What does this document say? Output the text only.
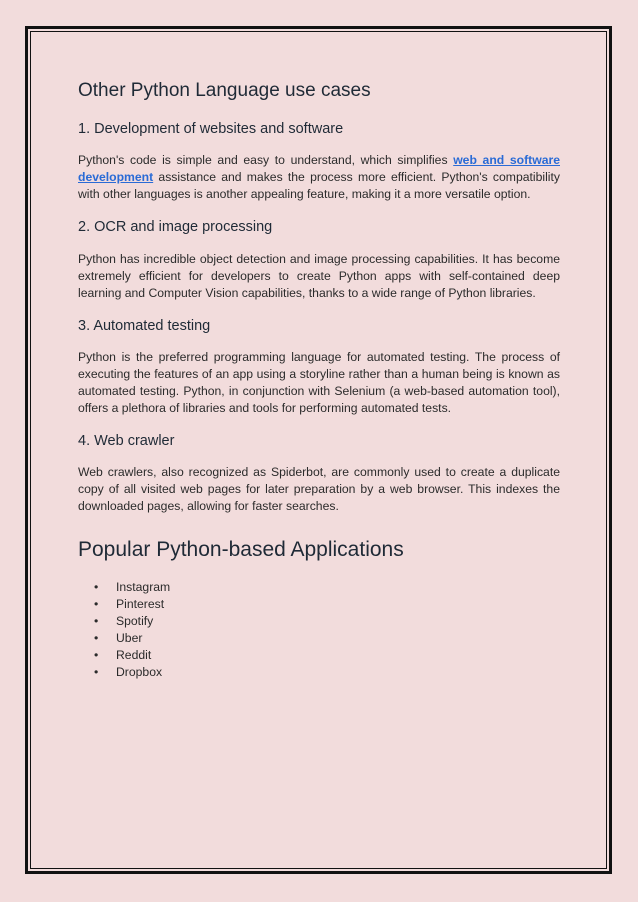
Other Python Language use cases
1. Development of websites and software

Python's code is simple and easy to understand, which simplifies web and software development assistance and makes the process more efficient. Python's compatibility with other languages is another appealing feature, making it a more versatile option.

2. OCR and image processing

Python has incredible object detection and image processing capabilities. It has become extremely efficient for developers to create Python apps with self-contained deep learning and Computer Vision capabilities, thanks to a wide range of Python libraries.

3. Automated testing

Python is the preferred programming language for automated testing. The process of executing the features of an app using a storyline rather than a human being is known as automated testing. Python, in conjunction with Selenium (a web-based automation tool), offers a plethora of libraries and tools for performing automated tests.

4. Web crawler

Web crawlers, also recognized as Spiderbot, are commonly used to create a duplicate copy of all visited web pages for later preparation by a web browser. This indexes the downloaded pages, allowing for faster searches.

Popular Python-based Applications
• Instagram
• Pinterest
• Spotify
• Uber
• Reddit
• Dropbox
